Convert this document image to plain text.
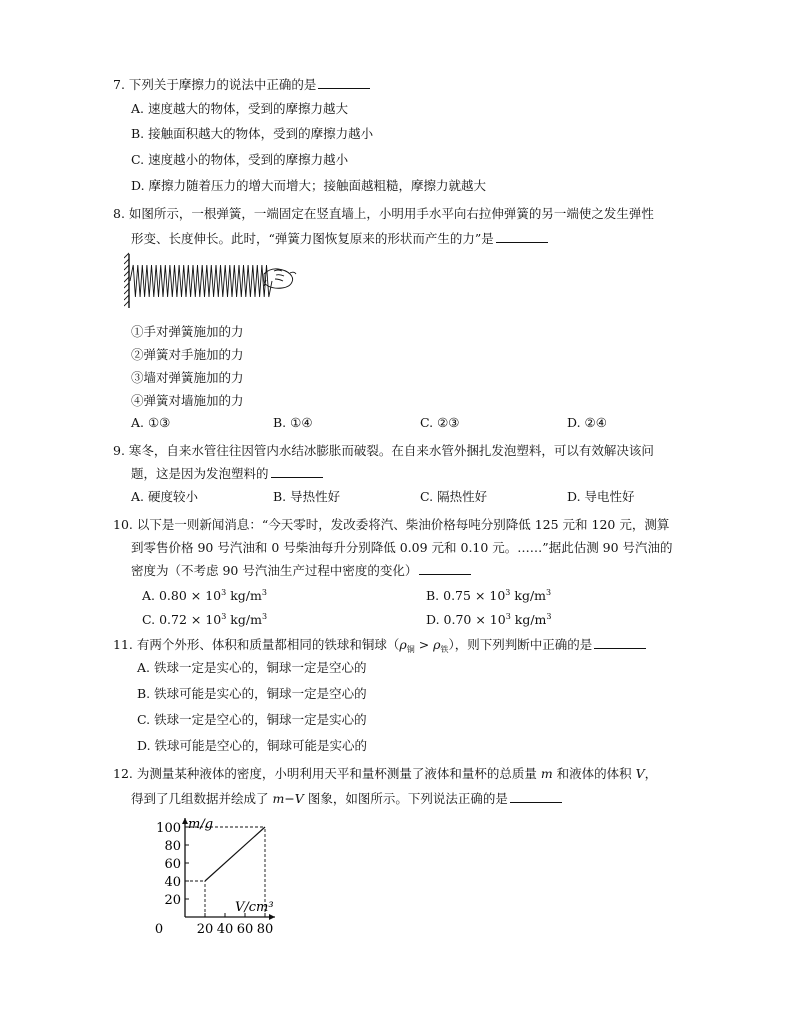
7. 下列关于摩擦力的说法中正确的是
A. 速度越大的物体，受到的摩擦力越大
B. 接触面积越大的物体，受到的摩擦力越小
C. 速度越小的物体，受到的摩擦力越小
D. 摩擦力随着压力的增大而增大；接触面越粗糙，摩擦力就越大
8. 如图所示，一根弹簧，一端固定在竖直墙上，小明用手水平向右拉伸弹簧的另一端使之发生弹性
形变、长度伸长。此时，“弹簧力图恢复原来的形状而产生的力”是
①手对弹簧施加的力
②弹簧对手施加的力
③墙对弹簧施加的力
④弹簧对墙施加的力
A. ①③	B. ①④	C. ②③	D. ②④
9. 寒冬，自来水管往往因管内水结冰膨胀而破裂。在自来水管外捆扎发泡塑料，可以有效解决该问
题，这是因为发泡塑料的
A. 硬度较小	B. 导热性好	C. 隔热性好	D. 导电性好
10. 以下是一则新闻消息：“今天零时，发改委将汽、柴油价格每吨分别降低 125 元和 120 元，测算
到零售价格 90 号汽油和 0 号柴油每升分别降低 0.09 元和 0.10 元。……”据此估测 90 号汽油的
密度为（不考虑 90 号汽油生产过程中密度的变化）
A. $0.80 \times 10^3$ $kg/m^3$	B. $0.75 \times 10^3$ $kg/m^3$
C. $0.72 \times 10^3$ $kg/m^3$	D. $0.70 \times 10^3$ $kg/m^3$
11. 有两个外形、体积和质量都相同的铁球和铜球$(\rho_铜 > \rho_铁)$，则下列判断中正确的是
A. 铁球一定是实心的，铜球一定是空心的
B. 铁球可能是实心的，铜球一定是空心的
C. 铁球一定是空心的，铜球一定是实心的
D. 铁球可能是空心的，铜球可能是实心的
12. 为测量某种液体的密度，小明利用天平和量杯测量了液体和量杯的总质量 m 和液体的体积 V，
得到了几组数据并绘成了 m−V 图象，如图所示。下列说法正确的是
20
40
60
80
100
0	20 40 60 80
m/g
V/cm³
